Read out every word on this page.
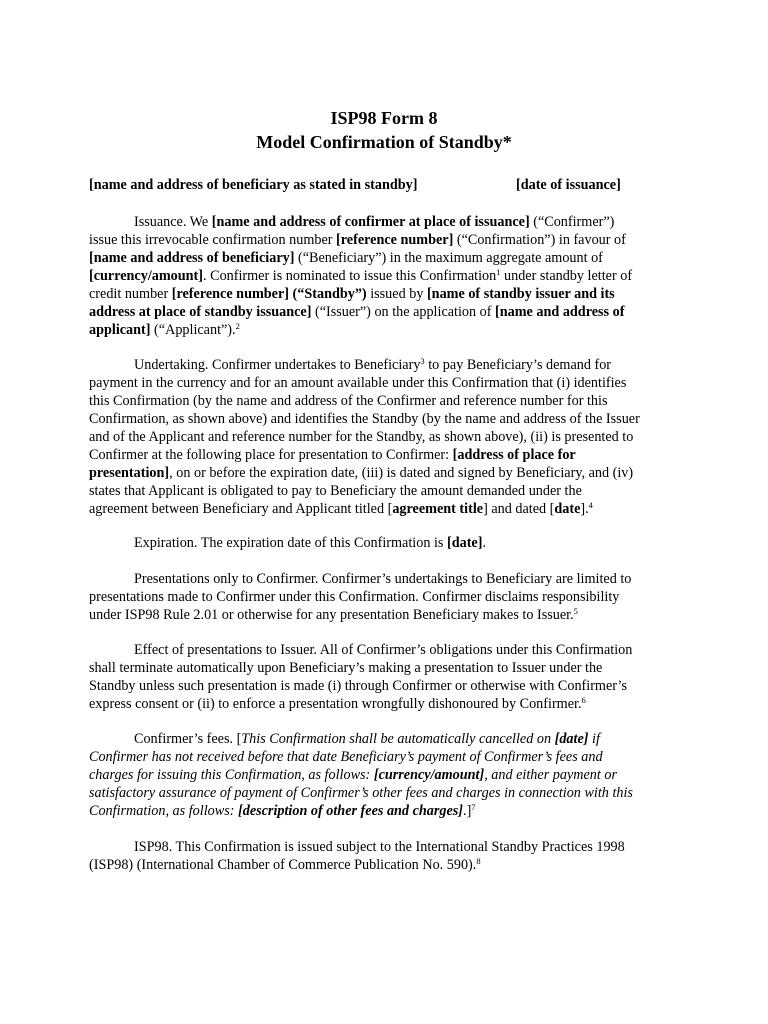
ISP98 Form 8
Model Confirmation of Standby*
[name and address of beneficiary as stated in standby]	[date of issuance]
Issuance. We [name and address of confirmer at place of issuance] (“Confirmer”)
issue this irrevocable confirmation number [reference number] (“Confirmation”) in favour of
[name and address of beneficiary] (“Beneficiary”) in the maximum aggregate amount of
[currency/amount]. Confirmer is nominated to issue this Confirmation$^1$ under standby letter of
credit number [reference number] (“Standby”) issued by [name of standby issuer and its
address at place of standby issuance] (“Issuer”) on the application of [name and address of
applicant] (“Applicant”).$^2$
Undertaking. Confirmer undertakes to Beneficiary$^3$ to pay Beneficiary’s demand for
payment in the currency and for an amount available under this Confirmation that (i) identifies
this Confirmation (by the name and address of the Confirmer and reference number for this
Confirmation, as shown above) and identifies the Standby (by the name and address of the Issuer
and of the Applicant and reference number for the Standby, as shown above), (ii) is presented to
Confirmer at the following place for presentation to Confirmer: [address of place for
presentation], on or before the expiration date, (iii) is dated and signed by Beneficiary, and (iv)
states that Applicant is obligated to pay to Beneficiary the amount demanded under the
agreement between Beneficiary and Applicant titled [agreement title] and dated [date].$^4$
Expiration. The expiration date of this Confirmation is [date].
Presentations only to Confirmer. Confirmer’s undertakings to Beneficiary are limited to
presentations made to Confirmer under this Confirmation. Confirmer disclaims responsibility
under ISP98 Rule 2.01 or otherwise for any presentation Beneficiary makes to Issuer.$^5$
Effect of presentations to Issuer. All of Confirmer’s obligations under this Confirmation
shall terminate automatically upon Beneficiary’s making a presentation to Issuer under the
Standby unless such presentation is made (i) through Confirmer or otherwise with Confirmer’s
express consent or (ii) to enforce a presentation wrongfully dishonoured by Confirmer.$^6$
Confirmer’s fees. [This Confirmation shall be automatically cancelled on [date] if
Confirmer has not received before that date Beneficiary’s payment of Confirmer’s fees and
charges for issuing this Confirmation, as follows: [currency/amount], and either payment or
satisfactory assurance of payment of Confirmer’s other fees and charges in connection with this
Confirmation, as follows: [description of other fees and charges].]$^7$
ISP98. This Confirmation is issued subject to the International Standby Practices 1998
(ISP98) (International Chamber of Commerce Publication No. 590).$^8$
